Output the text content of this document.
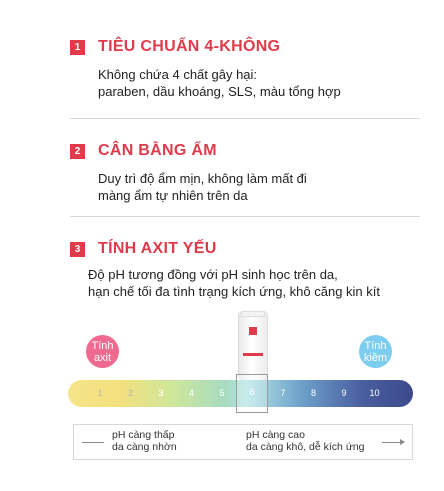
1 TIÊU CHUẨN 4-KHÔNG
Không chứa 4 chất gây hại:
paraben, dầu khoáng, SLS, màu tổng hợp
2 CÂN BẰNG ẨM
Duy trì độ ẩm mịn, không làm mất đi
màng ẩm tự nhiên trên da
3 TÍNH AXIT YẾU
Độ pH tương đồng với pH sinh học trên da,
hạn chế tối đa tình trạng kích ứng, khô căng kin kít
Tính
axit
Tính
kiềm
1	2	3	4	5	7	8	9	10
6
pH càng thấp
da càng nhờn
pH càng cao
da càng khô, dễ kích ứng
